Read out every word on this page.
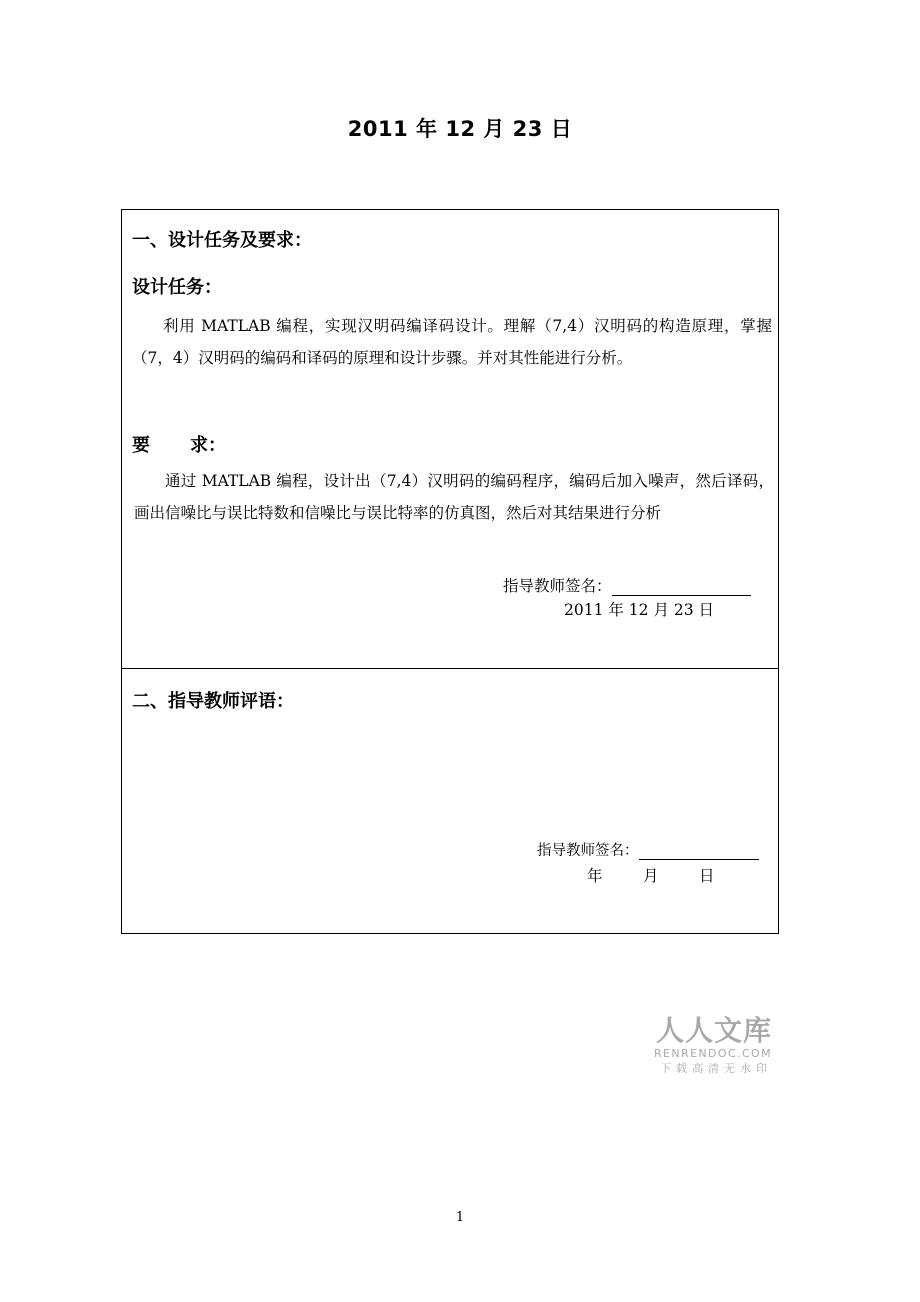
2011 年 12 月 23 日
一、设计任务及要求：
设计任务：
利用 MATLAB 编程，实现汉明码编译码设计。理解（7,4）汉明码的构造原理，掌握（7，4）汉明码的编码和译码的原理和设计步骤。并对其性能进行分析。
要 求：
通过 MATLAB 编程，设计出（7,4）汉明码的编码程序，编码后加入噪声，然后译码，画出信噪比与误比特数和信噪比与误比特率的仿真图，然后对其结果进行分析
指导教师签名：
2011 年 12 月 23 日
二、指导教师评语：
指导教师签名：
年	月	日
人人文库
RENRENDOC.COM
下载高清无水印
1
